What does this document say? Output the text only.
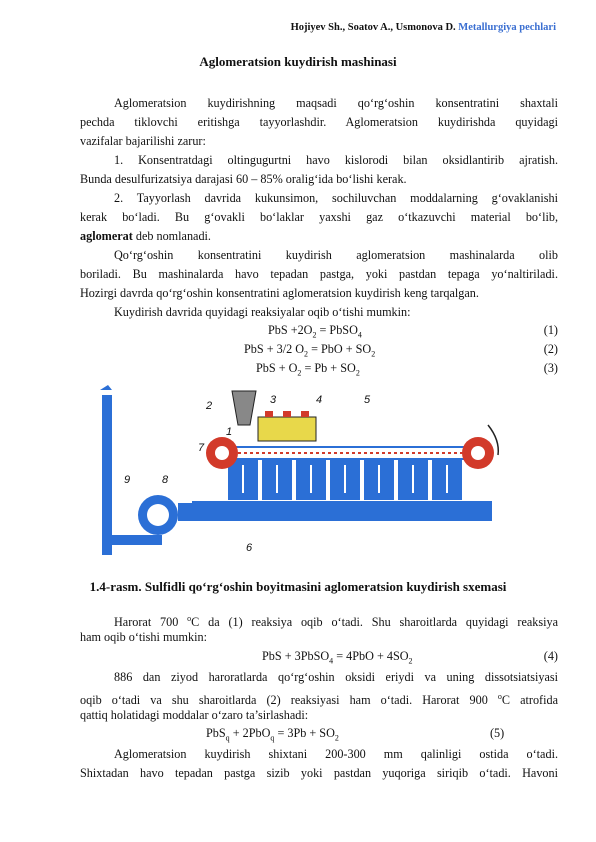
Hojiyev Sh., Soatov A., Usmonova D. Metallurgiya pechlari
Aglomeratsion kuydirish mashinasi
Aglomeratsion kuydirishning maqsadi qo‘rg‘oshin konsentratini shaxtali
pechda tiklovchi eritishga tayyorlashdir. Aglomeratsion kuydirishda quyidagi
vazifalar bajarilishi zarur:
1. Konsentratdagi oltingugurtni havo kislorodi bilan oksidlantirib ajratish.
Bunda desulfurizatsiya darajasi 60 – 85% oralig‘ida bo‘lishi kerak.
2. Tayyorlash davrida kukunsimon, sochiluvchan moddalarning g‘ovaklanishi
kerak bo‘ladi. Bu g‘ovakli bo‘laklar yaxshi gaz o‘tkazuvchi material bo‘lib,
aglomerat deb nomlanadi.
Qo‘rg‘oshin konsentratini kuydirish aglomeratsion mashinalarda olib
boriladi. Bu mashinalarda havo tepadan pastga, yoki pastdan tepaga yo‘naltiriladi.
Hozirgi davrda qo‘rg‘oshin konsentratini aglomeratsion kuydirish keng tarqalgan.
Kuydirish davrida quyidagi reaksiyalar oqib o‘tishi mumkin:
PbS $+2O_2$ = PbSO$_4$	(1)
PbS + 3/2 $O_2$ = PbO + $SO_2$	(2)
PbS + $O_2 = Pb + SO_2$	(3)
1
2	3	4	5
6
7
8
9
1.4-rasm. Sulfidli qo‘rg‘oshin boyitmasini aglomeratsion kuydirish sxemasi
Harorat 700 $^o$C da (1) reaksiya oqib o‘tadi. Shu sharoitlarda quyidagi reaksiya
ham oqib o‘tishi mumkin:
PbS + 3PbSO$_4$ = $4PbO + 4SO_2$	(4)
886 dan ziyod haroratlarda qo‘rg‘oshin oksidi eriydi va uning dissotsiatsiyasi
oqib o‘tadi va shu sharoitlarda (2) reaksiyasi ham o‘tadi. Harorat 900 $^o$C atrofida
qattiq holatidagi moddalar o‘zaro ta’sirlashadi:
$PbS_q + 2PbO_q = 3Pb + SO_2$	(5)
Aglomeratsion kuydirish shixtani 200-300 mm qalinligi ostida o‘tadi.
Shixtadan havo tepadan pastga sizib yoki pastdan yuqoriga siriqib o‘tadi. Havoni
